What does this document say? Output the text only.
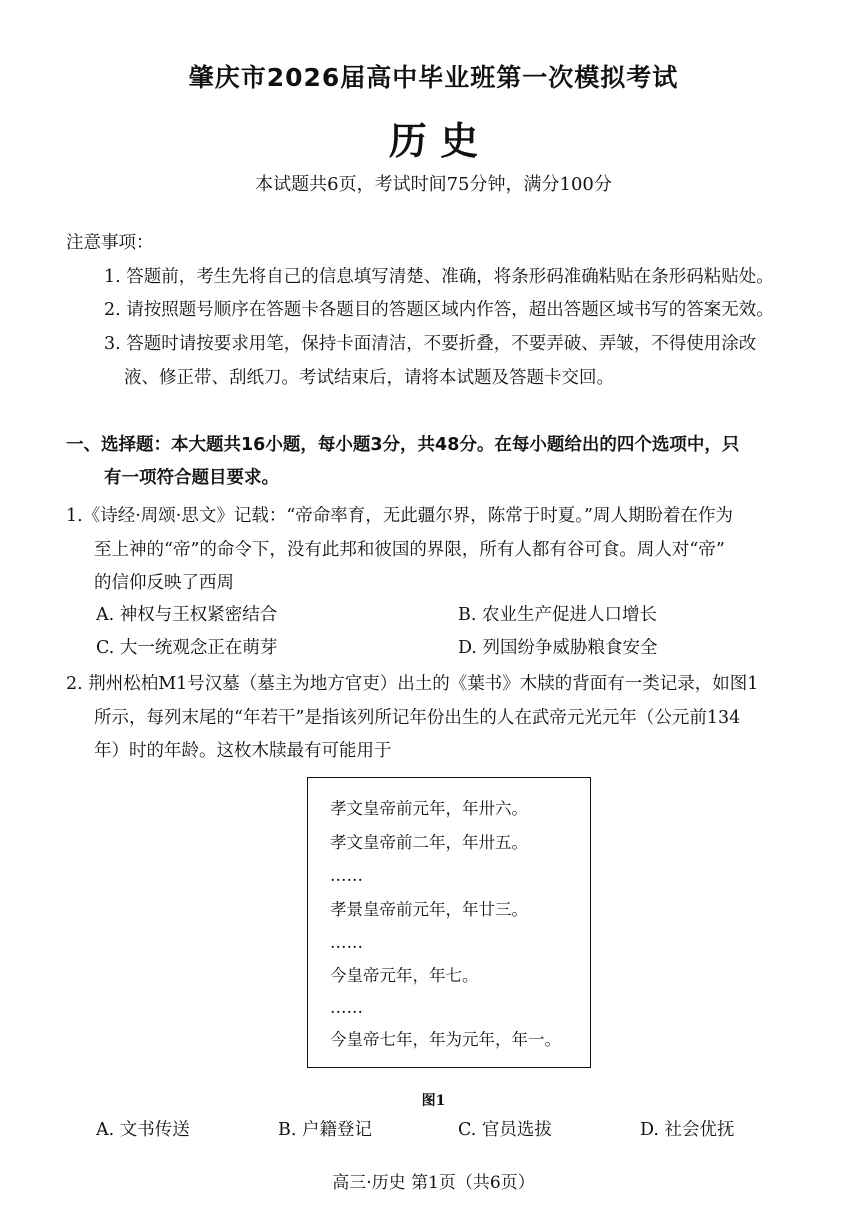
肇庆市2026届高中毕业班第一次模拟考试
历 史
本试题共6页，考试时间75分钟，满分100分
注意事项：
1. 答题前，考生先将自己的信息填写清楚、准确，将条形码准确粘贴在条形码粘贴处。
2. 请按照题号顺序在答题卡各题目的答题区域内作答，超出答题区域书写的答案无效。
3. 答题时请按要求用笔，保持卡面清洁，不要折叠，不要弄破、弄皱，不得使用涂改
液、修正带、刮纸刀。考试结束后，请将本试题及答题卡交回。
一、选择题：本大题共16小题，每小题3分，共48分。在每小题给出的四个选项中，只
有一项符合题目要求。
1.《诗经·周颂·思文》记载：“帝命率育，无此疆尔界，陈常于时夏。”周人期盼着在作为
至上神的“帝”的命令下，没有此邦和彼国的界限，所有人都有谷可食。周人对“帝”
的信仰反映了西周
A. 神权与王权紧密结合	B. 农业生产促进人口增长
C. 大一统观念正在萌芽	D. 列国纷争威胁粮食安全
2. 荆州松柏M1号汉墓（墓主为地方官吏）出土的《葉书》木牍的背面有一类记录，如图1
所示，每列末尾的“年若干”是指该列所记年份出生的人在武帝元光元年（公元前134
年）时的年龄。这枚木牍最有可能用于
孝文皇帝前元年，年卅六。
孝文皇帝前二年，年卅五。
……
孝景皇帝前元年，年廿三。
……
今皇帝元年，年七。
……
今皇帝七年，年为元年，年一。
图1
A. 文书传送	B. 户籍登记	C. 官员选拔	D. 社会优抚
高三·历史 第1页（共6页）
